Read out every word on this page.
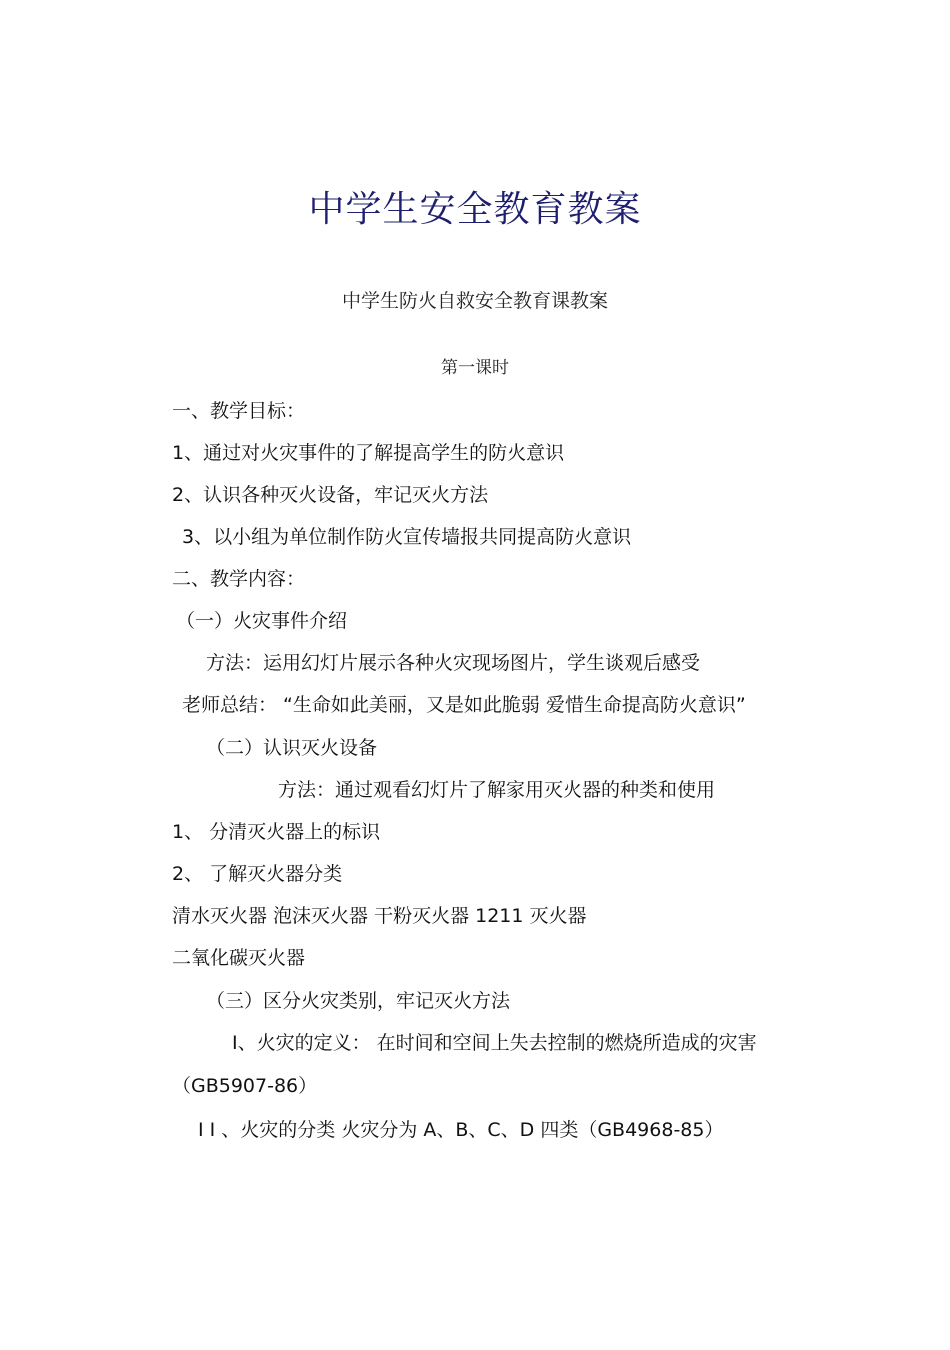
中学生安全教育教案
中学生防火自救安全教育课教案
第一课时
一、教学目标：
1、通过对火灾事件的了解提高学生的防火意识
2、认识各种灭火设备，牢记灭火方法
3、以小组为单位制作防火宣传墙报共同提高防火意识
二、教学内容：
（一）火灾事件介绍
方法：运用幻灯片展示各种火灾现场图片，学生谈观后感受
老师总结： “生命如此美丽，又是如此脆弱 爱惜生命提高防火意识”
（二）认识灭火设备
方法：通过观看幻灯片了解家用灭火器的种类和使用
1、 分清灭火器上的标识
2、 了解灭火器分类
清水灭火器 泡沫灭火器 干粉灭火器 1211 灭火器
二氧化碳灭火器
（三）区分火灾类别，牢记灭火方法
I、火灾的定义： 在时间和空间上失去控制的燃烧所造成的灾害
（GB5907-86）
I I 、火灾的分类 火灾分为 A、B、C、D 四类（GB4968-85）
